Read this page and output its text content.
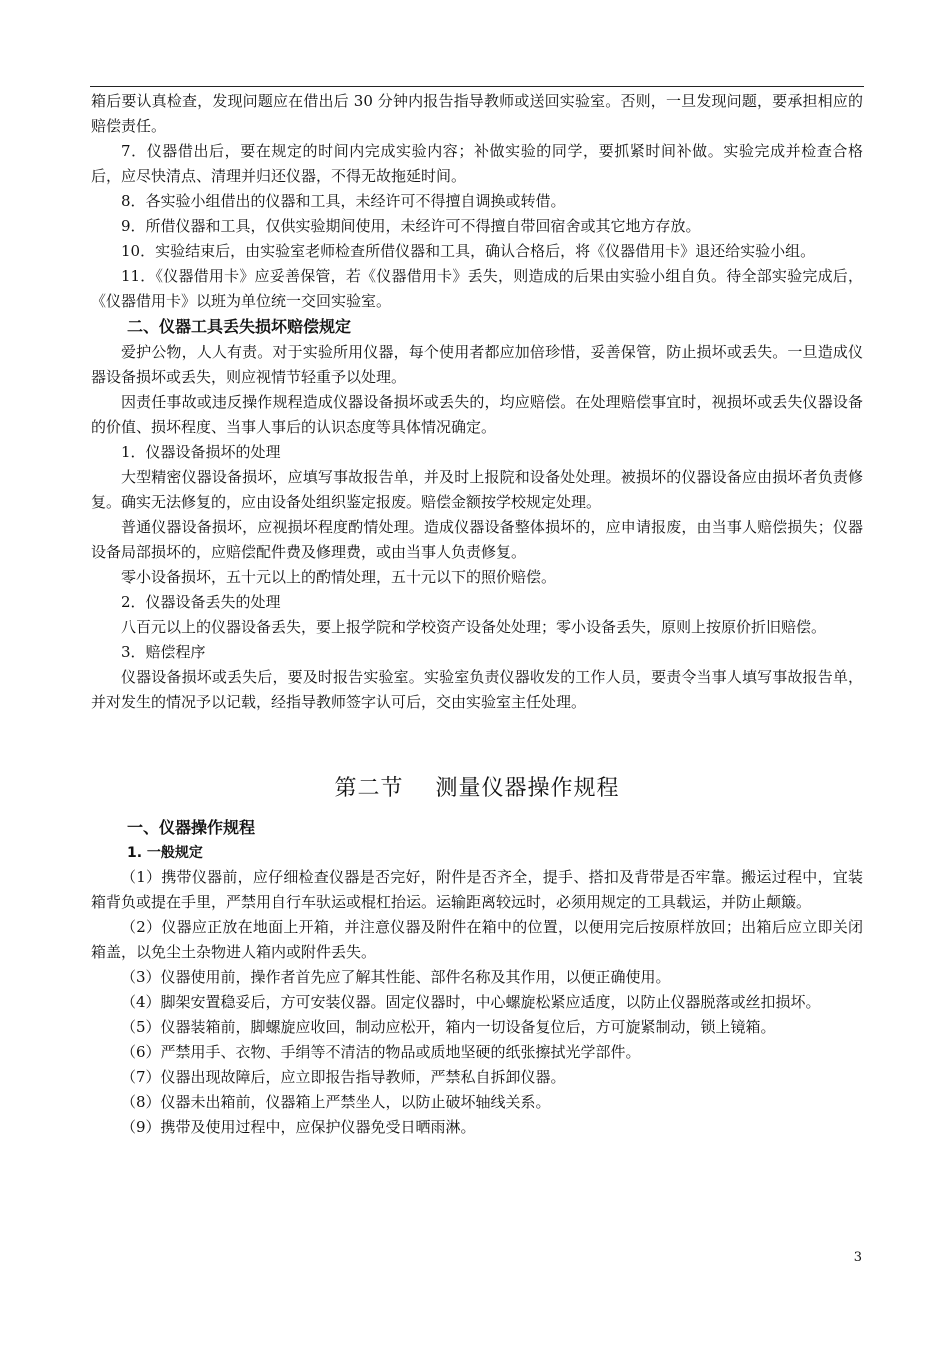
箱后要认真检查，发现问题应在借出后 30 分钟内报告指导教师或送回实验室。否则，一旦发现问题，要承担相应的赔偿责任。

7．仪器借出后，要在规定的时间内完成实验内容；补做实验的同学，要抓紧时间补做。实验完成并检查合格后，应尽快清点、清理并归还仪器，不得无故拖延时间。

8．各实验小组借出的仪器和工具，未经许可不得擅自调换或转借。

9．所借仪器和工具，仅供实验期间使用，未经许可不得擅自带回宿舍或其它地方存放。

10．实验结束后，由实验室老师检查所借仪器和工具，确认合格后，将《仪器借用卡》退还给实验小组。

11．《仪器借用卡》应妥善保管，若《仪器借用卡》丢失，则造成的后果由实验小组自负。待全部实验完成后，《仪器借用卡》以班为单位统一交回实验室。

二、仪器工具丢失损坏赔偿规定

爱护公物，人人有责。对于实验所用仪器，每个使用者都应加倍珍惜，妥善保管，防止损坏或丢失。一旦造成仪器设备损坏或丢失，则应视情节轻重予以处理。

因责任事故或违反操作规程造成仪器设备损坏或丢失的，均应赔偿。在处理赔偿事宜时，视损坏或丢失仪器设备的价值、损坏程度、当事人事后的认识态度等具体情况确定。

1．仪器设备损坏的处理

大型精密仪器设备损坏，应填写事故报告单，并及时上报院和设备处处理。被损坏的仪器设备应由损坏者负责修复。确实无法修复的，应由设备处组织鉴定报废。赔偿金额按学校规定处理。

普通仪器设备损坏，应视损坏程度酌情处理。造成仪器设备整体损坏的，应申请报废，由当事人赔偿损失；仪器设备局部损坏的，应赔偿配件费及修理费，或由当事人负责修复。

零小设备损坏，五十元以上的酌情处理，五十元以下的照价赔偿。

2．仪器设备丢失的处理

八百元以上的仪器设备丢失，要上报学院和学校资产设备处处理；零小设备丢失，原则上按原价折旧赔偿。

3．赔偿程序

仪器设备损坏或丢失后，要及时报告实验室。实验室负责仪器收发的工作人员，要责令当事人填写事故报告单，并对发生的情况予以记载，经指导教师签字认可后，交由实验室主任处理。

第二节    测量仪器操作规程
一、仪器操作规程
1. 一般规定

（1）携带仪器前，应仔细检查仪器是否完好，附件是否齐全，提手、搭扣及背带是否牢靠。搬运过程中，宜装箱背负或提在手里，严禁用自行车驮运或棍杠抬运。运输距离较远时，必须用规定的工具载运，并防止颠簸。

（2）仪器应正放在地面上开箱，并注意仪器及附件在箱中的位置，以便用完后按原样放回；出箱后应立即关闭箱盖，以免尘土杂物进人箱内或附件丢失。

（3）仪器使用前，操作者首先应了解其性能、部件名称及其作用，以便正确使用。

（4）脚架安置稳妥后，方可安装仪器。固定仪器时，中心螺旋松紧应适度，以防止仪器脱落或丝扣损坏。

（5）仪器装箱前，脚螺旋应收回，制动应松开，箱内一切设备复位后，方可旋紧制动，锁上镜箱。

（6）严禁用手、衣物、手绢等不清洁的物品或质地坚硬的纸张擦拭光学部件。

（7）仪器出现故障后，应立即报告指导教师，严禁私自拆卸仪器。

（8）仪器未出箱前，仪器箱上严禁坐人，以防止破坏轴线关系。

（9）携带及使用过程中，应保护仪器免受日晒雨淋。

3
